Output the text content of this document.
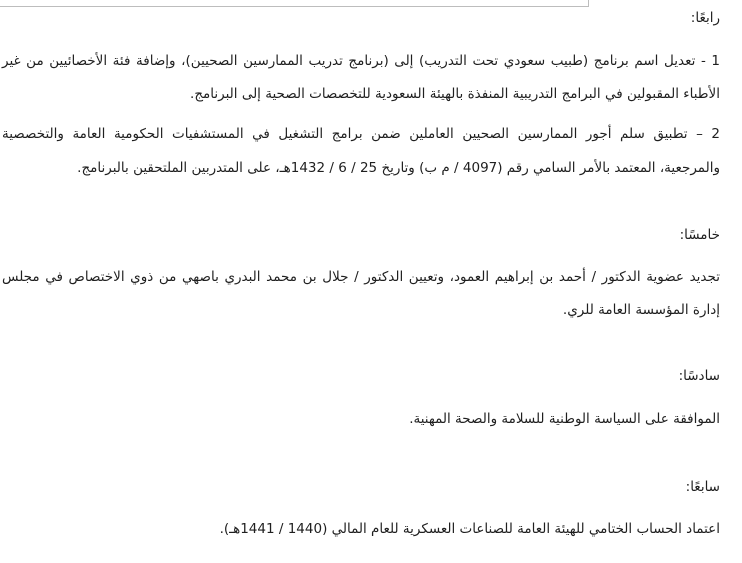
رابعًا:
1 - تعديل اسم برنامج (طبيب سعودي تحت التدريب) إلى (برنامج تدريب الممارسين الصحيين)، وإضافة فئة الأخصائيين من غير
الأطباء المقبولين في البرامج التدريبية المنفذة بالهيئة السعودية للتخصصات الصحية إلى البرنامج.
2 – تطبيق سلم أجور الممارسين الصحيين العاملين ضمن برامج التشغيل في المستشفيات الحكومية العامة والتخصصية
والمرجعية، المعتمد بالأمر السامي رقم (4097 / م ب) وتاريخ 25 / 6 / 1432هـ، على المتدربين الملتحقين بالبرنامج.
خامسًا:
تجديد عضوية الدكتور / أحمد بن إبراهيم العمود، وتعيين الدكتور / جلال بن محمد البدري باصهي من ذوي الاختصاص في مجلس
إدارة المؤسسة العامة للري.
سادسًا:
الموافقة على السياسة الوطنية للسلامة والصحة المهنية.
سابعًا:
اعتماد الحساب الختامي للهيئة العامة للصناعات العسكرية للعام المالي (1440 / 1441هـ).
